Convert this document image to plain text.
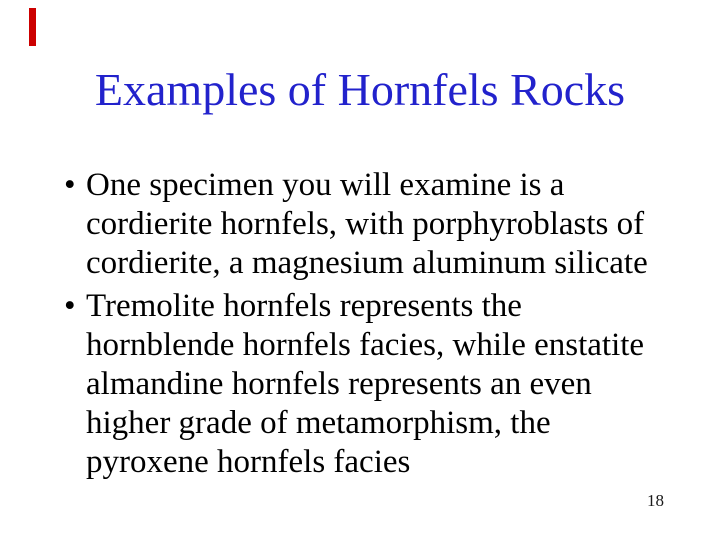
Examples of Hornfels Rocks
• One specimen you will examine is a
cordierite hornfels, with porphyroblasts of
cordierite, a magnesium aluminum silicate
• Tremolite hornfels represents the
hornblende hornfels facies, while enstatite
almandine hornfels represents an even
higher grade of metamorphism, the
pyroxene hornfels facies
18
